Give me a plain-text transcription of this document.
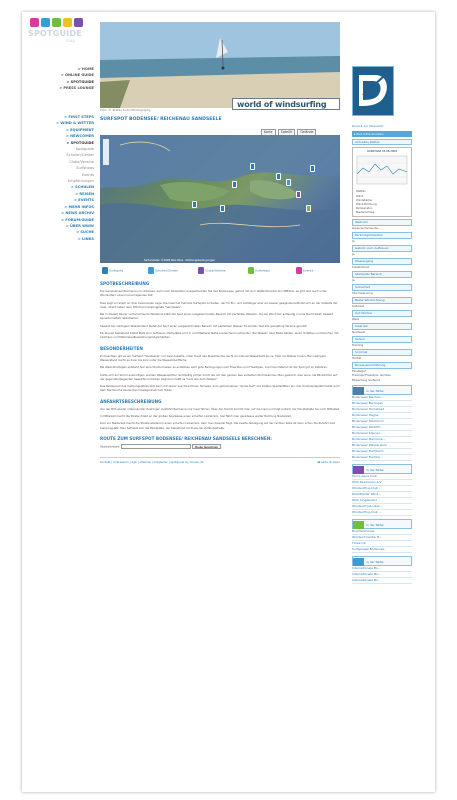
SPOTGUIDE
map
> HOME
> ONLINE GUIDE
> SPOTGUIDE
> PRESS LOUNGE
> FIRST STEPS
> WIND & WETTER
> EQUIPMENT
> NEWCOMER
> SPOTGUIDE
Spotguide
Schulen/Center
Clubs/Vereine
Surfshops
Events
Empfehlungen
> SCHULEN
> REISEN
> EVENTS
> MEHR INFOS
> NEWS ARCHIV
> FORUM/GUIDE
> ÜBER WWW
> SUCHE
> LINKS
Foto: © Stefan Kuhn Photography
world of windsurfing
SURFSPOT BODENSEE/ REICHENAU SANDSEELE
Karte	Satellit	Gelände
Kartendaten ©2008 Tele Atlas · Nutzungsbedingungen
Surfspots	Schulen/Center	Clubs/Vereine	Surfshops	Events
SPOTBESCHREIBUNG

Die Gemüseinsel Reichenau im Untersee, dem nach Südwesten ausgestreckten Teil des Bodensees, gehört mit zum Weltkulturerbe der UNESCO, es gibt dort auch unter Windsurfern einen hervorragenden Ruf.

Dies liegt vor allem an ihrer besonderen Lage. Die Insel hat mehrere Surfspots zu bieten, der für Ein- und Aufsteiger eher ein besser geeignete befindet sich an der Ostseite der Insel, direkt neben dem örtlichen Campingplatz "Sandseele".

Bei in diesem Revier vorherrschende Westwind bläst der Spot einen ausgezeichneten Bereich mit perfekten Wassern. Da der Wind hier auflandig in eine Bucht bläst, besteht keinerlei Gefahr abzutreiben.

Speziell bei niedrigem Wasserstand bietet der Spot einen ausgezeichneten Bereich mit perfektem Wasser. Es werden fast alle ganzjährig Vereine genutzt.

Ein kleiner Kiesstrand bietet Platz zum Aufbauen, Parkplätze sind in unmittelbarer Nähe ausreichend vorhanden. Bei Wasser- oder Bade Gästen, einen Toiletten und Duschen mit Clubhaus und Materialaufbewahrungsmöglichkeiten.

BESONDERHEITEN

Zu beachten gilt es am Surfspot "Sandseele" nur zwei Aspekte, unter Hand des Kiesstrandes reicht ein kleines Wasserbett bis ca. 50m ins Wasser hinein. Bei niedrigem Wasserstand reicht es dann bis kurz unter die Wasseroberfläche.

Bei West-Windlagen entsteht hier eine Windschneise, es entstehen sehr gute Bedingungen zum Freeriden und Freestylen. Auch bei Ostwind ist der Spot gut zu befahren.

Sollte sich ein Sturm ankündigen, werden Wassersportler rechtzeitig vorher durch die um den ganzen See verteilten Sturmwarnleuchten gewarnt. Also wenn die Blinklichter auf der gegenüberliegenden Seeseite zu blinken beginnen heißt es "raus aus dem Wasser".

Das Restaurant des Campingplatzes lädt dann mit seiner wunderschönen Terrasse, zum gemeinsamen "Apres-Surf" mit lokalen Spezialitäten ein. Der Kinderspielplatz bietet auch dem Nachwuchs ausreichend Gelegenheit zum Toben.

ANFAHRTSBESCHREIBUNG

Von der B33 wieder umbenannter Zubringer, Ausfahrt Reichenau zur Insel fahren. Über den Damm kommt man auf die Insel und folgt einfach der Hauptstraße bis nach Mittelzell.

In Mittelzell macht die Straße direkt an der großen Sparkasse einen scharfen Linksknick, hier fährt man geradeaus weiter Richtung Niederzell.

Kurz vor Niederzell macht die Straße wiederum einen scharfen Linksknick, dem man diesmal folgt. Die zweite Abbiegung auf der rechten Seite ist dann schon die Zufahrt zum Campingplatz. Man befindet sich die Parkplätze, der Kiesstrand am Ende der Zufahrtsstraße.

ROUTE ZUM SURFSPOT BODENSEE/ REICHENAU SANDSEELE BERECHNEN:
Startadresse:	Route berechnen
kontakt | impressum | agb | sitemap | mitglieder | spotguide by mnevo.de	🖶 seite drucken
Zurück zur Übersicht
▸ Ihre Infos drucken
Aktuelles Wetter
KONSTANZ 03.08.2008
Wetter:
Wind:
Windstärke:
Wind-Richtung:
Temperatur:
Niederschlag:
Webcam
www.reichenau-de...
Parkmöglichkeiten
Ja
Gebühr zum Aufbauen
Ja
Wassergang
Kieselstrand
Startplatz Bereich
Ja
Sicherheit
Sturmwarnung
Beste Windrichtung
Südwest
Gut fahrbar
West
Ideal bei
Nordwest
Saison
Frühling
Sommer
Herbst
Niveaueinschätzung
Einsteiger
Freerider/Freestyle, leichtes
Bewertung Surfspot
in der Nähe
Bodensee/ Reichen...
Bodensee/ Berlingen
Bodensee/ Hornstaad
Bodensee/ Hegne
Bodensee/ Steckborn
Bodensee/ Radolfz...
Bodensee/ Klauser...
Bodensee/ Mannenb...
Bodensee/ Wasserwerk
Bodensee/ Fischbach
Bodensee/ Fischba...
in der Nähe
Tom's Aqua Club
WSC Reichenau e.V.
Windsurfing-Club ...
Radolfzeller Wind...
WSC Singelsdorf
Windsurfclub Über...
Windsurfing-Club ...
in der Nähe
Boardershouse
Windsurf-Center B...
Three Up
Surfgarage Bodensee
in der Nähe
Internationale Bo...
Internationale Bo...
Internationale Bo...
